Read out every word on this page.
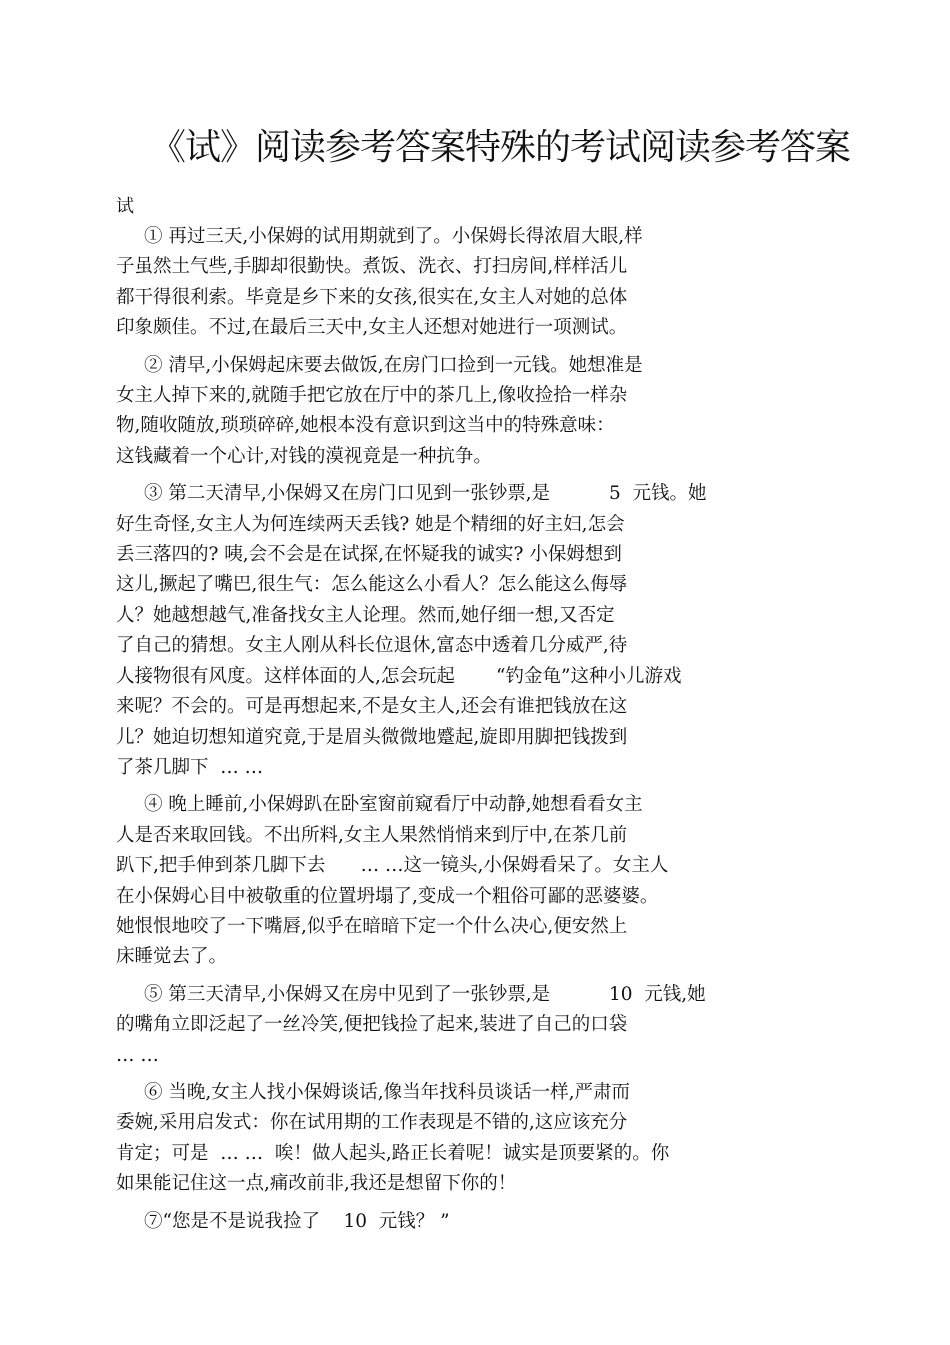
《试》阅读参考答案特殊的考试阅读参考答案
试
① 再过三天,小保姆的试用期就到了。小保姆长得浓眉大眼,样
子虽然土气些,手脚却很勤快。煮饭、洗衣、打扫房间,样样活儿
都干得很利索。毕竟是乡下来的女孩,很实在,女主人对她的总体
印象颇佳。不过,在最后三天中,女主人还想对她进行一项测试。
② 清早,小保姆起床要去做饭,在房门口捡到一元钱。她想准是
女主人掉下来的,就随手把它放在厅中的茶几上,像收捡拾一样杂
物,随收随放,琐琐碎碎,她根本没有意识到这当中的特殊意味：
这钱藏着一个心计,对钱的漠视竟是一种抗争。
③ 第二天清早,小保姆又在房门口见到一张钞票,是          5  元钱。她
好生奇怪,女主人为何连续两天丢钱? 她是个精细的好主妇,怎会
丢三落四的? 咦,会不会是在试探,在怀疑我的诚实? 小保姆想到
这儿,撅起了嘴巴,很生气：怎么能这么小看人？怎么能这么侮辱
人？她越想越气,准备找女主人论理。然而,她仔细一想,又否定
了自己的猜想。女主人刚从科长位退休,富态中透着几分威严,待
人接物很有风度。这样体面的人,怎会玩起       “钓金龟”这种小儿游戏
来呢？不会的。可是再想起来,不是女主人,还会有谁把钱放在这
儿？她迫切想知道究竟,于是眉头微微地蹙起,旋即用脚把钱拨到
了茶几脚下  … …
④ 晚上睡前,小保姆趴在卧室窗前窥看厅中动静,她想看看女主
人是否来取回钱。不出所料,女主人果然悄悄来到厅中,在茶几前
趴下,把手伸到茶几脚下去      … …这一镜头,小保姆看呆了。女主人
在小保姆心目中被敬重的位置坍塌了,变成一个粗俗可鄙的恶婆婆。
她恨恨地咬了一下嘴唇,似乎在暗暗下定一个什么决心,便安然上
床睡觉去了。
⑤ 第三天清早,小保姆又在房中见到了一张钞票,是          10  元钱,她
的嘴角立即泛起了一丝冷笑,便把钱捡了起来,装进了自己的口袋
… …
⑥ 当晚,女主人找小保姆谈话,像当年找科员谈话一样,严肃而
委婉,采用启发式：你在试用期的工作表现是不错的,这应该充分
肯定；可是  … …  唉！做人起头,路正长着呢！诚实是顶要紧的。你
如果能记住这一点,痛改前非,我还是想留下你的！
⑦“您是不是说我捡了    10  元钱？ ”
